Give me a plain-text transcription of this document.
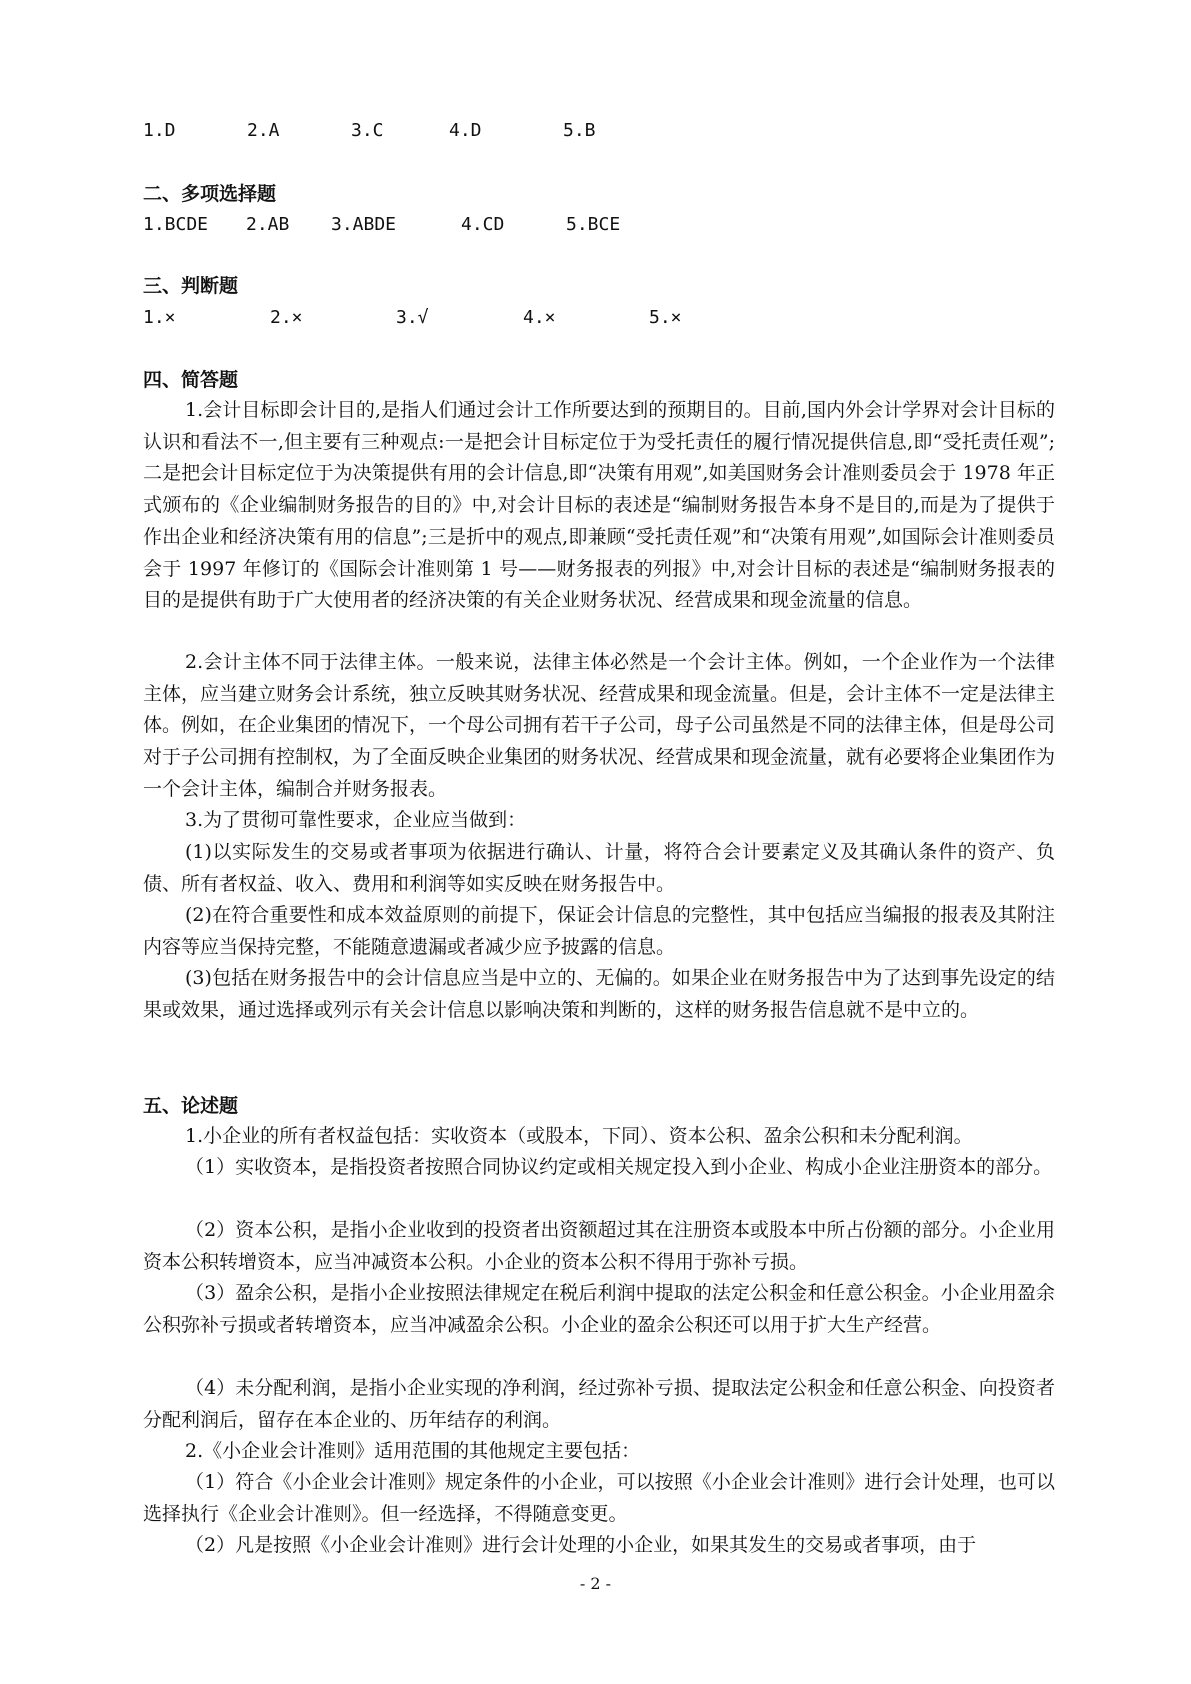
1.D	2.A	3.C	4.D	5.B
二、多项选择题
1.BCDE 2.AB 3.ABDE	4.CD	5.BCE
三、判断题
1.×	2.×	3.√	4.×	5.×
四、简答题
1.会计目标即会计目的,是指人们通过会计工作所要达到的预期目的。目前,国内外会计学界对会计目标的认识和看法不一,但主要有三种观点:一是把会计目标定位于为受托责任的履行情况提供信息,即“受托责任观”;二是把会计目标定位于为决策提供有用的会计信息,即“决策有用观”,如美国财务会计准则委员会于 1978 年正式颁布的《企业编制财务报告的目的》中,对会计目标的表述是“编制财务报告本身不是目的,而是为了提供于作出企业和经济决策有用的信息”;三是折中的观点,即兼顾“受托责任观”和“决策有用观”,如国际会计准则委员会于 1997 年修订的《国际会计准则第 1 号——财务报表的列报》中,对会计目标的表述是“编制财务报表的目的是提供有助于广大使用者的经济决策的有关企业财务状况、经营成果和现金流量的信息。
2.会计主体不同于法律主体。一般来说，法律主体必然是一个会计主体。例如，一个企业作为一个法律主体，应当建立财务会计系统，独立反映其财务状况、经营成果和现金流量。但是，会计主体不一定是法律主体。例如，在企业集团的情况下，一个母公司拥有若干子公司，母子公司虽然是不同的法律主体，但是母公司对于子公司拥有控制权，为了全面反映企业集团的财务状况、经营成果和现金流量，就有必要将企业集团作为一个会计主体，编制合并财务报表。
3.为了贯彻可靠性要求，企业应当做到：
(1)以实际发生的交易或者事项为依据进行确认、计量，将符合会计要素定义及其确认条件的资产、负债、所有者权益、收入、费用和利润等如实反映在财务报告中。
(2)在符合重要性和成本效益原则的前提下，保证会计信息的完整性，其中包括应当编报的报表及其附注内容等应当保持完整，不能随意遗漏或者减少应予披露的信息。
(3)包括在财务报告中的会计信息应当是中立的、无偏的。如果企业在财务报告中为了达到事先设定的结果或效果，通过选择或列示有关会计信息以影响决策和判断的，这样的财务报告信息就不是中立的。
五、论述题
1.小企业的所有者权益包括：实收资本（或股本，下同）、资本公积、盈余公积和未分配利润。
（1）实收资本，是指投资者按照合同协议约定或相关规定投入到小企业、构成小企业注册资本的部分。
（2）资本公积，是指小企业收到的投资者出资额超过其在注册资本或股本中所占份额的部分。小企业用资本公积转增资本，应当冲减资本公积。小企业的资本公积不得用于弥补亏损。
（3）盈余公积，是指小企业按照法律规定在税后利润中提取的法定公积金和任意公积金。小企业用盈余公积弥补亏损或者转增资本，应当冲减盈余公积。小企业的盈余公积还可以用于扩大生产经营。
（4）未分配利润，是指小企业实现的净利润，经过弥补亏损、提取法定公积金和任意公积金、向投资者分配利润后，留存在本企业的、历年结存的利润。
2.《小企业会计准则》适用范围的其他规定主要包括：
（1）符合《小企业会计准则》规定条件的小企业，可以按照《小企业会计准则》进行会计处理，也可以选择执行《企业会计准则》。但一经选择，不得随意变更。
（2）凡是按照《小企业会计准则》进行会计处理的小企业，如果其发生的交易或者事项，由于
- 2 -
